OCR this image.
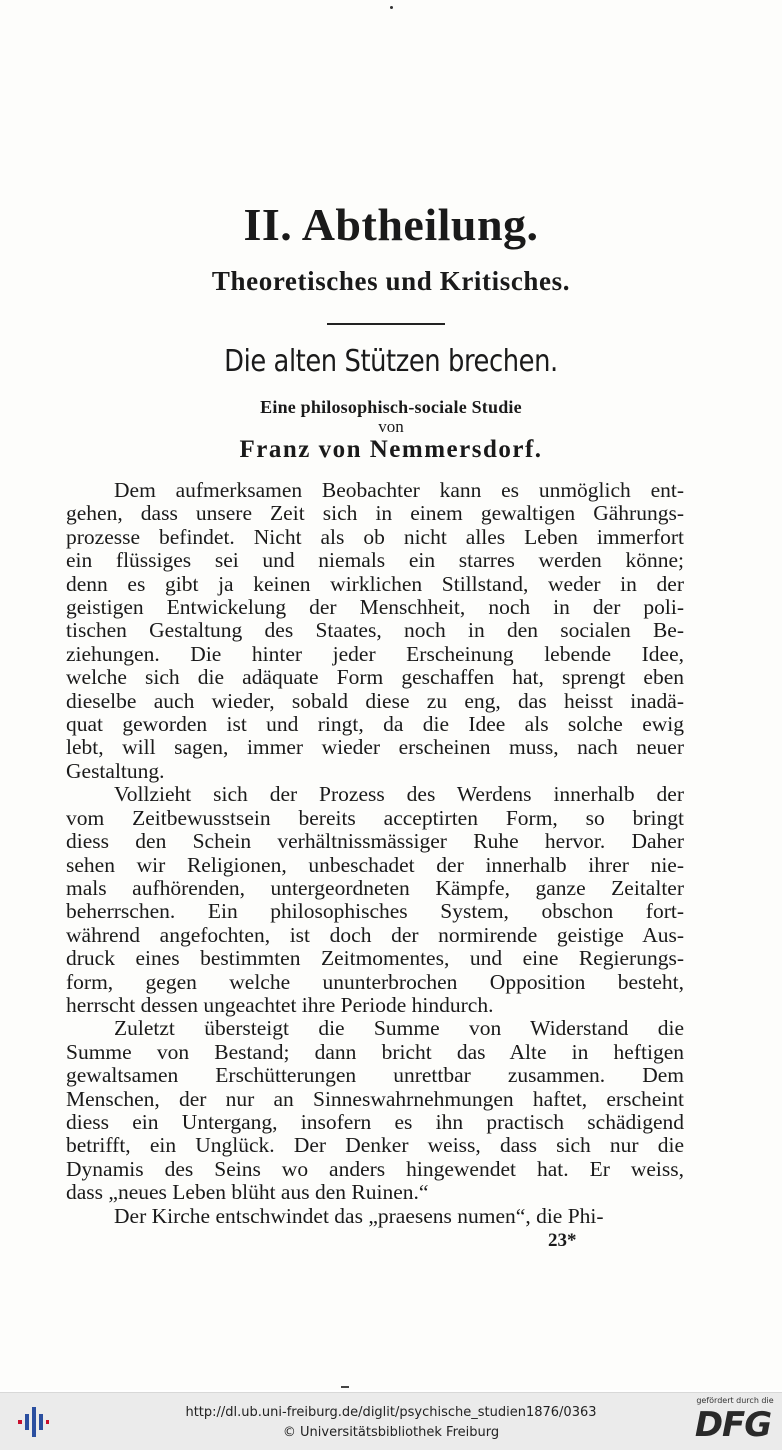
II. Abtheilung.
Theoretisches und Kritisches.
Die alten Stützen brechen.
Eine philosophisch-sociale Studie
von
Franz von Nemmersdorf.

Dem aufmerksamen Beobachter kann es unmöglich ent-

gehen, dass unsere Zeit sich in einem gewaltigen Gährungs-

prozesse befindet. Nicht als ob nicht alles Leben immerfort

ein flüssiges sei und niemals ein starres werden könne;

denn es gibt ja keinen wirklichen Stillstand, weder in der

geistigen Entwickelung der Menschheit, noch in der poli-

tischen Gestaltung des Staates, noch in den socialen Be-

ziehungen. Die hinter jeder Erscheinung lebende Idee,

welche sich die adäquate Form geschaffen hat, sprengt eben

dieselbe auch wieder, sobald diese zu eng, das heisst inadä-

quat geworden ist und ringt, da die Idee als solche ewig

lebt, will sagen, immer wieder erscheinen muss, nach neuer

Gestaltung.

Vollzieht sich der Prozess des Werdens innerhalb der

vom Zeitbewusstsein bereits acceptirten Form, so bringt

diess den Schein verhältnissmässiger Ruhe hervor. Daher

sehen wir Religionen, unbeschadet der innerhalb ihrer nie-

mals aufhörenden, untergeordneten Kämpfe, ganze Zeitalter

beherrschen. Ein philosophisches System, obschon fort-

während angefochten, ist doch der normirende geistige Aus-

druck eines bestimmten Zeitmomentes, und eine Regierungs-

form, gegen welche ununterbrochen Opposition besteht,

herrscht dessen ungeachtet ihre Periode hindurch.

Zuletzt übersteigt die Summe von Widerstand die

Summe von Bestand; dann bricht das Alte in heftigen

gewaltsamen Erschütterungen unrettbar zusammen. Dem

Menschen, der nur an Sinneswahrnehmungen haftet, erscheint

diess ein Untergang, insofern es ihn practisch schädigend

betrifft, ein Unglück. Der Denker weiss, dass sich nur die

Dynamis des Seins wo anders hingewendet hat. Er weiss,

dass „neues Leben blüht aus den Ruinen.“

Der Kirche entschwindet das „praesens numen“, die Phi-

23*
http://dl.ub.uni-freiburg.de/diglit/psychische_studien1876/0363
© Universitätsbibliothek Freiburg
gefördert durch die
DFG
